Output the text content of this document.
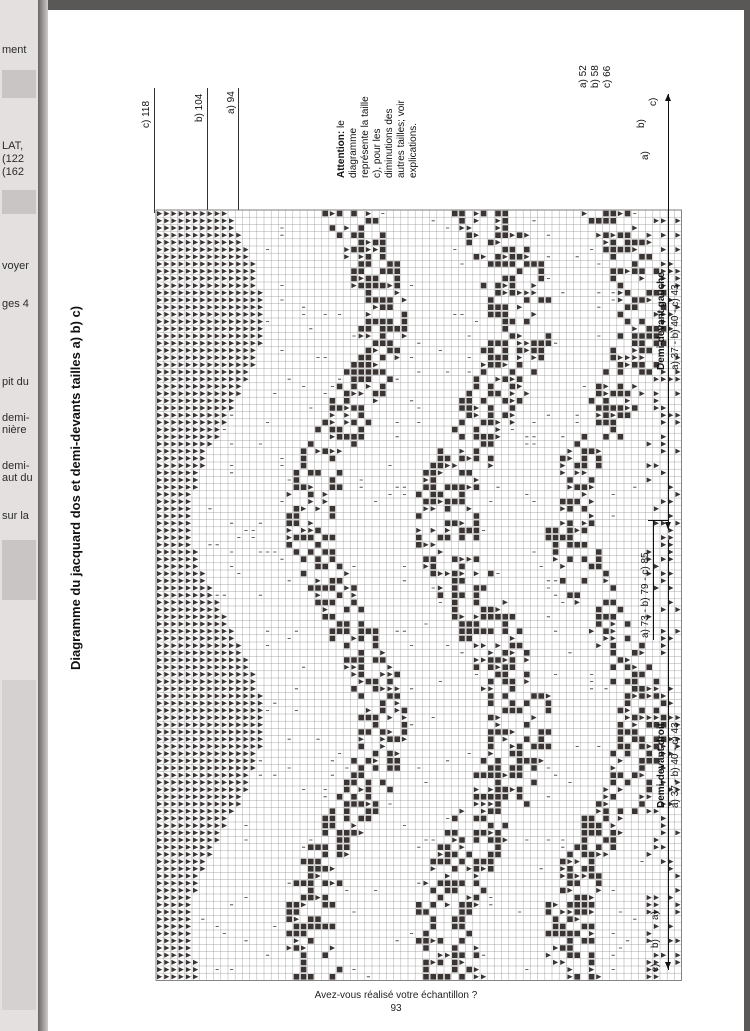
ment
LAT,
(122
(162
voyer
ges 4
pit du
demi-
nière
demi-
aut du
sur la	Diagramme du jacquard dos et demi-devants tailles a) b) c)
c) 118	b) 104 a) 94
Attention: le diagramme représente la taille c), pour les diminutions des autres tailles; voir explications.
a) 52 b) 58 c) 66
c)
b)
a)
c)
b)
a)
Demi-devant gauche a) 37 - b) 40 - c) 43
a) 73 - b) 79 - c) 85
Demi-devant droit a) 37 - b) 40 - c) 43
Avez-vous réalisé votre échantillon ?
93
